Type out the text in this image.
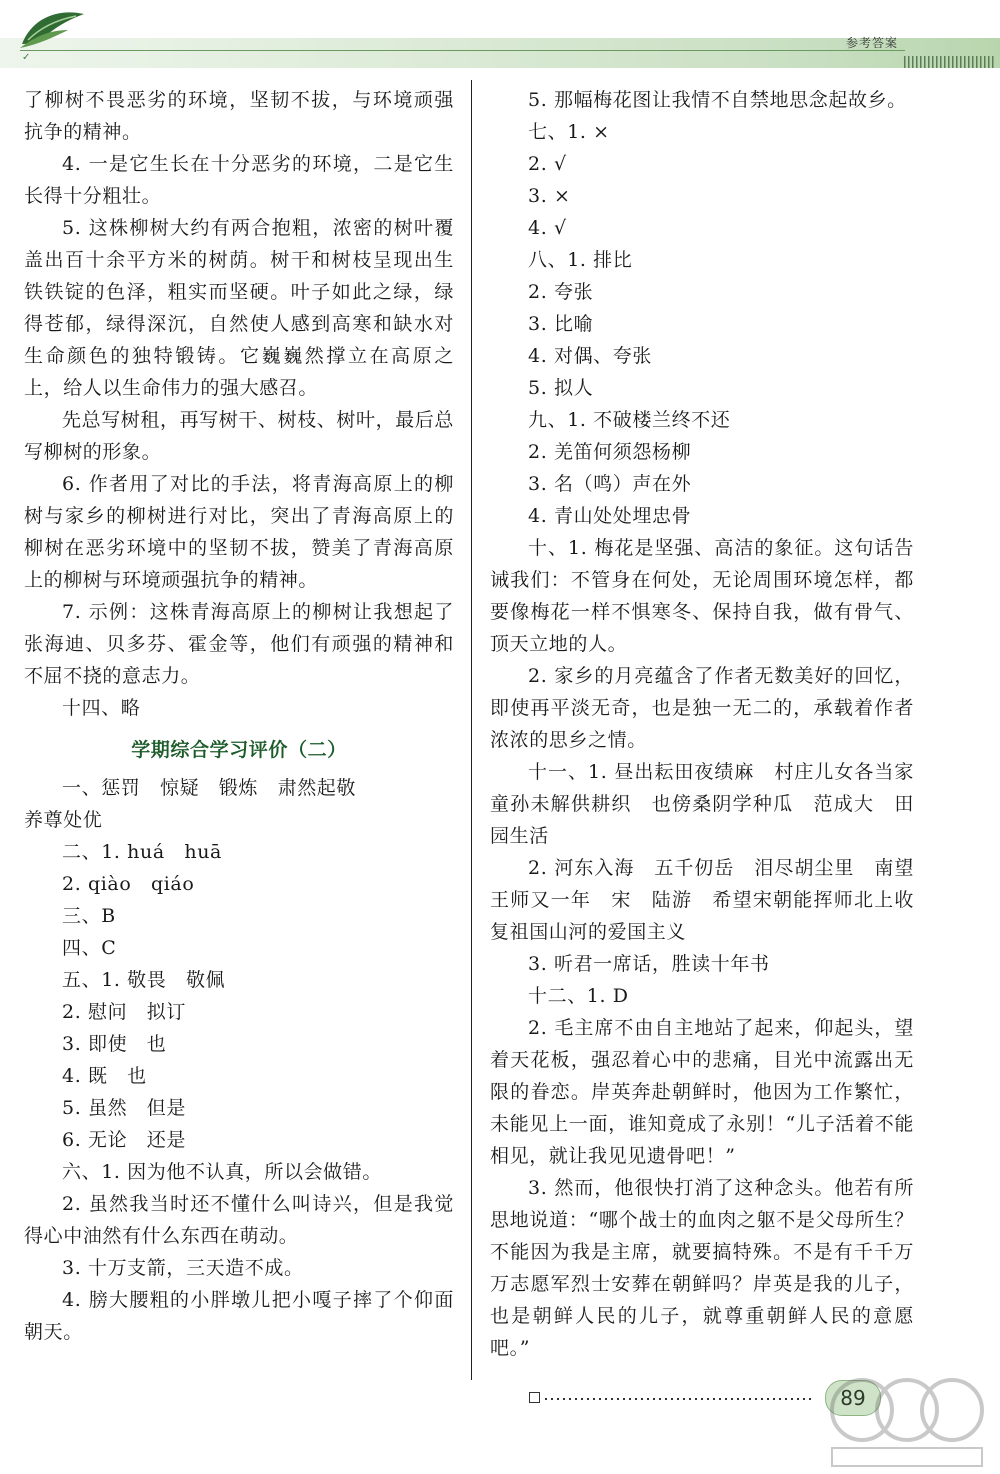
✓
参考答案

了柳树不畏恶劣的环境，坚韧不拔，与环境顽强抗争的精神。

4. 一是它生长在十分恶劣的环境，二是它生长得十分粗壮。

5. 这株柳树大约有两合抱粗，浓密的树叶覆盖出百十余平方米的树荫。树干和树枝呈现出生铁铁锭的色泽，粗实而坚硬。叶子如此之绿，绿得苍郁，绿得深沉，自然使人感到高寒和缺水对生命颜色的独特锻铸。它巍巍然撑立在高原之上，给人以生命伟力的强大感召。

先总写树租，再写树干、树枝、树叶，最后总写柳树的形象。

6. 作者用了对比的手法，将青海高原上的柳树与家乡的柳树进行对比，突出了青海高原上的柳树在恶劣环境中的坚韧不拔，赞美了青海高原上的柳树与环境顽强抗争的精神。

7. 示例：这株青海高原上的柳树让我想起了张海迪、贝多芬、霍金等，他们有顽强的精神和不屈不挠的意志力。

十四、略

学期综合学习评价（二）

一、惩罚　惊疑　锻炼　肃然起敬

养尊处优

二、1. huá　huā

2. qiào　qiáo

三、B

四、C

五、1. 敬畏　敬佩

2. 慰问　拟订

3. 即使　也

4. 既　也

5. 虽然　但是

6. 无论　还是

六、1. 因为他不认真，所以会做错。

2. 虽然我当时还不懂什么叫诗兴，但是我觉得心中油然有什么东西在萌动。

3. 十万支箭，三天造不成。

4. 膀大腰粗的小胖墩儿把小嘎子摔了个仰面朝天。

5. 那幅梅花图让我情不自禁地思念起故乡。

七、1. ×

2. √

3. ×

4. √

八、1. 排比

2. 夸张

3. 比喻

4. 对偶、夸张

5. 拟人

九、1. 不破楼兰终不还

2. 羌笛何须怨杨柳

3. 名（鸣）声在外

4. 青山处处埋忠骨

十、1. 梅花是坚强、高洁的象征。这句话告诫我们：不管身在何处，无论周围环境怎样，都要像梅花一样不惧寒冬、保持自我，做有骨气、顶天立地的人。

2. 家乡的月亮蕴含了作者无数美好的回忆，即使再平淡无奇，也是独一无二的，承载着作者浓浓的思乡之情。

十一、1. 昼出耘田夜绩麻　村庄儿女各当家　童孙未解供耕织　也傍桑阴学种瓜　范成大　田园生活

2. 河东入海　五千仞岳　泪尽胡尘里　南望王师又一年　宋　陆游　希望宋朝能挥师北上收复祖国山河的爱国主义

3. 听君一席话，胜读十年书

十二、1. D

2. 毛主席不由自主地站了起来，仰起头，望着天花板，强忍着心中的悲痛，目光中流露出无限的眷恋。岸英奔赴朝鲜时，他因为工作繁忙，未能见上一面，谁知竟成了永别！“儿子活着不能相见，就让我见见遗骨吧！”

3. 然而，他很快打消了这种念头。他若有所思地说道：“哪个战士的血肉之躯不是父母所生？不能因为我是主席，就要搞特殊。不是有千千万万志愿军烈士安葬在朝鲜吗？岸英是我的儿子，也是朝鲜人民的儿子，就尊重朝鲜人民的意愿吧。”

89
